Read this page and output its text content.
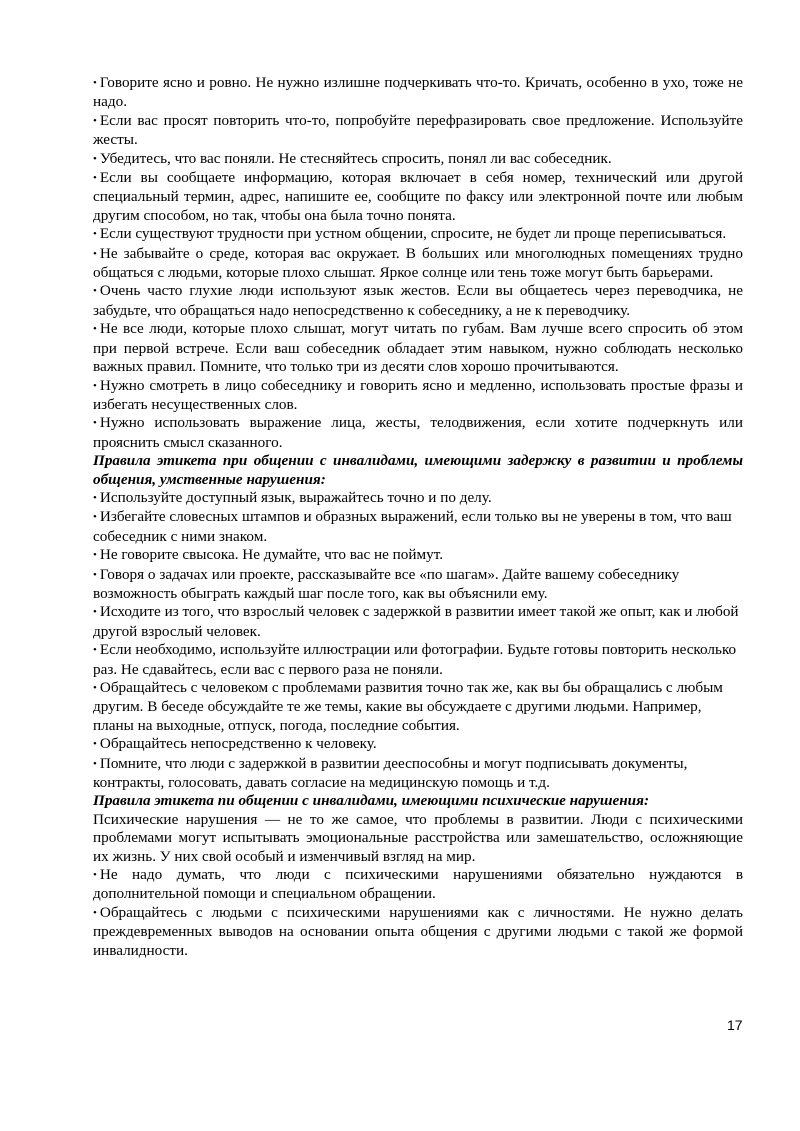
• Говорите ясно и ровно. Не нужно излишне подчеркивать что-то. Кричать, особенно в ухо, тоже не надо.

• Если вас просят повторить что-то, попробуйте перефразировать свое предложение. Используйте жесты.

• Убедитесь, что вас поняли. Не стесняйтесь спросить, понял ли вас собеседник.

• Если вы сообщаете информацию, которая включает в себя номер, технический или другой специальный термин, адрес, напишите ее, сообщите по факсу или электронной почте или любым другим способом, но так, чтобы она была точно понята.

• Если существуют трудности при устном общении, спросите, не будет ли проще переписываться.

• Не забывайте о среде, которая вас окружает. В больших или многолюдных помещениях трудно общаться с людьми, которые плохо слышат. Яркое солнце или тень тоже могут быть барьерами.

• Очень часто глухие люди используют язык жестов. Если вы общаетесь через переводчика, не забудьте, что обращаться надо непосредственно к собеседнику, а не к переводчику.

• Не все люди, которые плохо слышат, могут читать по губам. Вам лучше всего спросить об этом при первой встрече. Если ваш собеседник обладает этим навыком, нужно соблюдать несколько важных правил. Помните, что только три из десяти слов хорошо прочитываются.

• Нужно смотреть в лицо собеседнику и говорить ясно и медленно, использовать простые фразы и избегать несущественных слов.

• Нужно использовать выражение лица, жесты, телодвижения, если хотите подчеркнуть или прояснить смысл сказанного.

Правила этикета при общении с инвалидами, имеющими задержку в развитии и проблемы общения, умственные нарушения:

• Используйте доступный язык, выражайтесь точно и по делу.

• Избегайте словесных штампов и образных выражений, если только вы не уверены в том, что ваш собеседник с ними знаком.

• Не говорите свысока. Не думайте, что вас не поймут.

• Говоря о задачах или проекте, рассказывайте все «по шагам». Дайте вашему собеседнику возможность обыграть каждый шаг после того, как вы объяснили ему.

• Исходите из того, что взрослый человек с задержкой в развитии имеет такой же опыт, как и любой другой взрослый человек.

• Если необходимо, используйте иллюстрации или фотографии. Будьте готовы повторить несколько раз. Не сдавайтесь, если вас с первого раза не поняли.

• Обращайтесь с человеком с проблемами развития точно так же, как вы бы обращались с любым другим. В беседе обсуждайте те же темы, какие вы обсуждаете с другими людьми. Например, планы на выходные, отпуск, погода, последние события.

• Обращайтесь непосредственно к человеку.

• Помните, что люди с задержкой в развитии дееспособны и могут подписывать документы, контракты, голосовать, давать согласие на медицинскую помощь и т.д.

Правила этикета пи общении с инвалидами, имеющими психические нарушения:

Психические нарушения — не то же самое, что проблемы в развитии. Люди с психическими проблемами могут испытывать эмоциональные расстройства или замешательство, осложняющие их жизнь. У них свой особый и изменчивый взгляд на мир.

• Не надо думать, что люди с психическими нарушениями обязательно нуждаются в дополнительной помощи и специальном обращении.

• Обращайтесь с людьми с психическими нарушениями как с личностями. Не нужно делать преждевременных выводов на основании опыта общения с другими людьми с такой же формой инвалидности.

17
